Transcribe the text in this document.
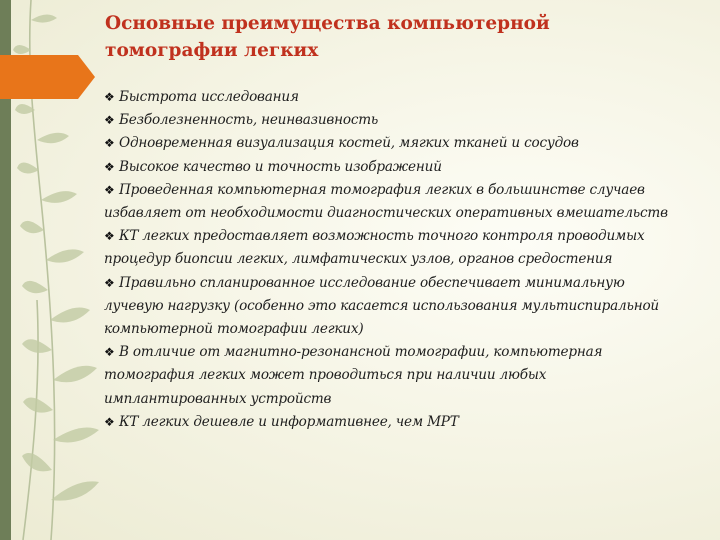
Основные преимущества компьютерной томографии легких
❖ Быстрота исследования
❖ Безболезненность, неинвазивность
❖ Одновременная визуализация костей, мягких тканей и сосудов
❖ Высокое качество и точность изображений
❖ Проведенная компьютерная томография легких в большинстве случаев избавляет от необходимости диагностических оперативных вмешательств
❖ КТ легких предоставляет возможность точного контроля проводимых процедур биопсии легких, лимфатических узлов, органов средостения
❖ Правильно спланированное исследование обеспечивает минимальную лучевую нагрузку (особенно это касается использования мультиспиральной компьютерной томографии легких)
❖ В отличие от магнитно-резонансной томографии, компьютерная томография легких может проводиться при наличии любых имплантированных устройств
❖ КТ легких дешевле и информативнее, чем МРТ
